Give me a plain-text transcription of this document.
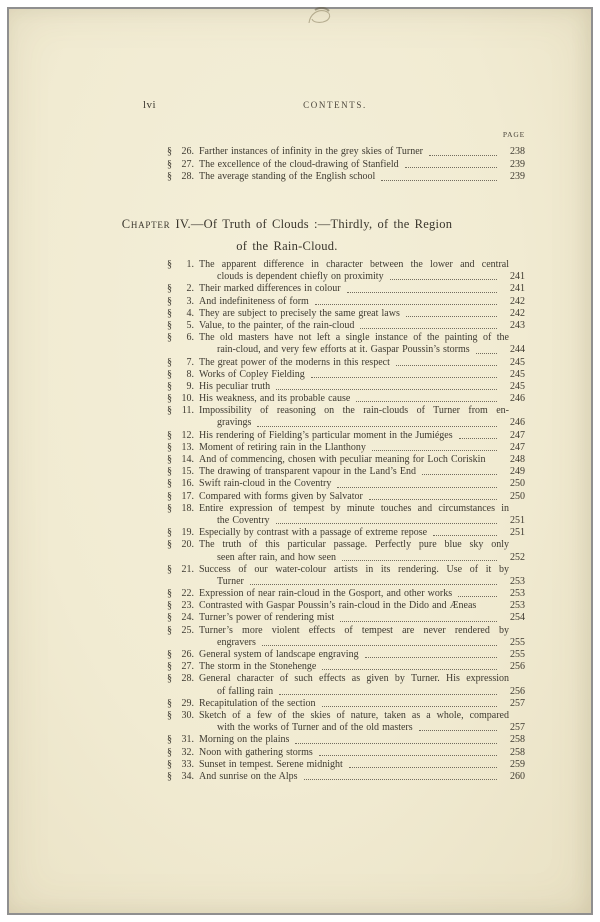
lvi	CONTENTS.
PAGE
§ 26. Farther instances of infinity in the grey skies of Turner	238
§ 27. The excellence of the cloud-drawing of Stanfield	239
§ 28. The average standing of the English school	239
Chapter IV.—Of Truth of Clouds :—Thirdly, of the Region
of the Rain-Cloud.
§	1. The apparent difference in character between the lower and central
clouds is dependent chiefly on proximity	241
§	2. Their marked differences in colour	241
§	3. And indefiniteness of form	242
§	4. They are subject to precisely the same great laws	242
§	5. Value, to the painter, of the rain-cloud	243
§	6. The old masters have not left a single instance of the painting of the
rain-cloud, and very few efforts at it. Gaspar Poussin’s storms	244
§	7. The great power of the moderns in this respect	245
§	8. Works of Copley Fielding	245
§	9. His peculiar truth	245
§ 10. His weakness, and its probable cause	246
§ 11. Impossibility of reasoning on the rain-clouds of Turner from en-
gravings	246
§ 12. His rendering of Fielding’s particular moment in the Jumiéges	247
§ 13. Moment of retiring rain in the Llanthony	247
§ 14. And of commencing, chosen with peculiar meaning for Loch Coriskin	248
§ 15. The drawing of transparent vapour in the Land’s End	249
§ 16. Swift rain-cloud in the Coventry	250
§ 17. Compared with forms given by Salvator	250
§ 18. Entire expression of tempest by minute touches and circumstances in
the Coventry	251
§ 19. Especially by contrast with a passage of extreme repose	251
§ 20. The truth of this particular passage. Perfectly pure blue sky only
seen after rain, and how seen	252
§ 21. Success of our water-colour artists in its rendering. Use of it by
Turner	253
§ 22. Expression of near rain-cloud in the Gosport, and other works	253
§ 23. Contrasted with Gaspar Poussin’s rain-cloud in the Dido and Æneas	253
§ 24. Turner’s power of rendering mist	254
§ 25. Turner’s more violent effects of tempest are never rendered by
engravers	255
§ 26. General system of landscape engraving	255
§ 27. The storm in the Stonehenge	256
§ 28. General character of such effects as given by Turner. His expression
of falling rain	256
§ 29. Recapitulation of the section	257
§ 30. Sketch of a few of the skies of nature, taken as a whole, compared
with the works of Turner and of the old masters	257
§ 31. Morning on the plains	258
§ 32. Noon with gathering storms	258
§ 33. Sunset in tempest. Serene midnight	259
§ 34. And sunrise on the Alps	260
